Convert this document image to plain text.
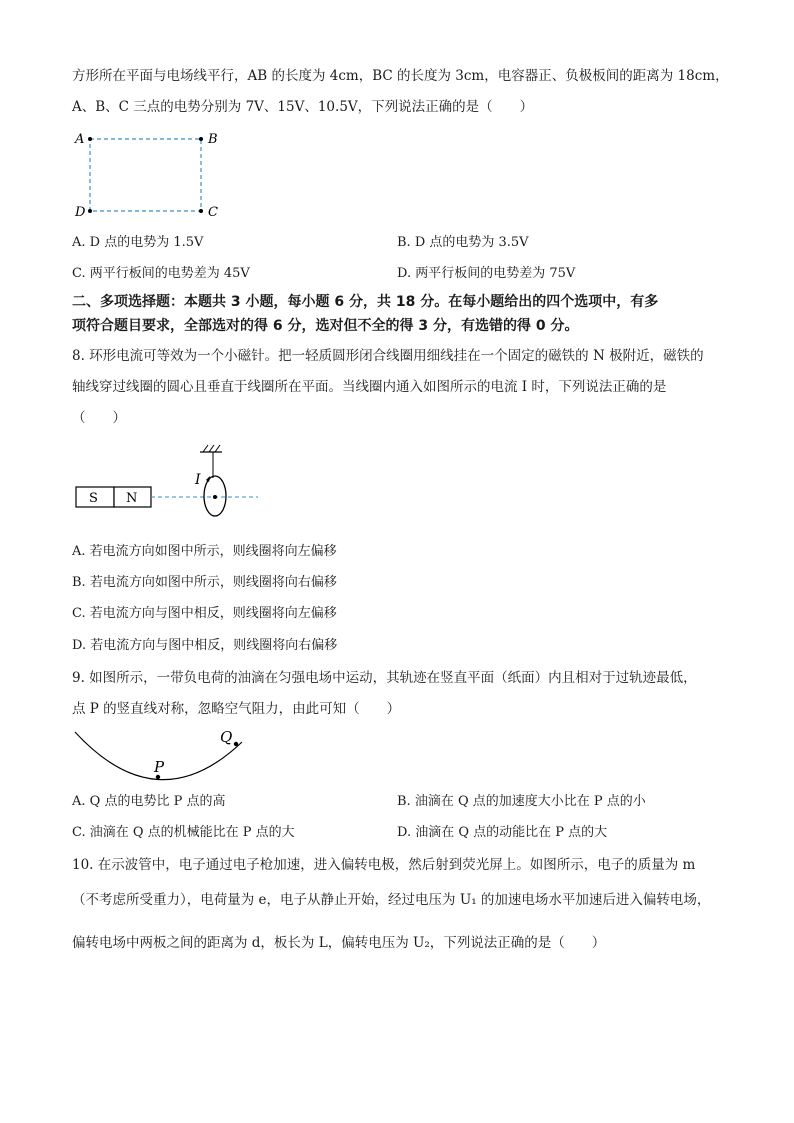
方形所在平面与电场线平行，AB 的长度为 4cm，BC 的长度为 3cm，电容器正、负极板间的距离为 18cm，
A、B、C 三点的电势分别为 7V、15V、10.5V，下列说法正确的是（　　）
A	B
C
D
A. D 点的电势为 1.5V	B. D 点的电势为 3.5V
C. 两平行板间的电势差为 45V	D. 两平行板间的电势差为 75V
二、多项选择题：本题共 3 小题，每小题 6 分，共 18 分。在每小题给出的四个选项中，有多
项符合题目要求，全部选对的得 6 分，选对但不全的得 3 分，有选错的得 0 分。
8. 环形电流可等效为一个小磁针。把一轻质圆形闭合线圈用细线挂在一个固定的磁铁的 N 极附近，磁铁的
轴线穿过线圈的圆心且垂直于线圈所在平面。当线圈内通入如图所示的电流 I 时，下列说法正确的是
（　　）
S N
I
A. 若电流方向如图中所示，则线圈将向左偏移
B. 若电流方向如图中所示，则线圈将向右偏移
C. 若电流方向与图中相反，则线圈将向左偏移
D. 若电流方向与图中相反，则线圈将向右偏移
9. 如图所示，一带负电荷的油滴在匀强电场中运动，其轨迹在竖直平面（纸面）内且相对于过轨迹最低，
点 P 的竖直线对称，忽略空气阻力，由此可知（　　）
P
Q
A. Q 点的电势比 P 点的高	B. 油滴在 Q 点的加速度大小比在 P 点的小
C. 油滴在 Q 点的机械能比在 P 点的大	D. 油滴在 Q 点的动能比在 P 点的大
10. 在示波管中，电子通过电子枪加速，进入偏转电极，然后射到荧光屏上。如图所示，电子的质量为 m
（不考虑所受重力），电荷量为 e，电子从静止开始，经过电压为 U₁ 的加速电场水平加速后进入偏转电场，
偏转电场中两板之间的距离为 d，板长为 L，偏转电压为 U₂，下列说法正确的是（　　）
